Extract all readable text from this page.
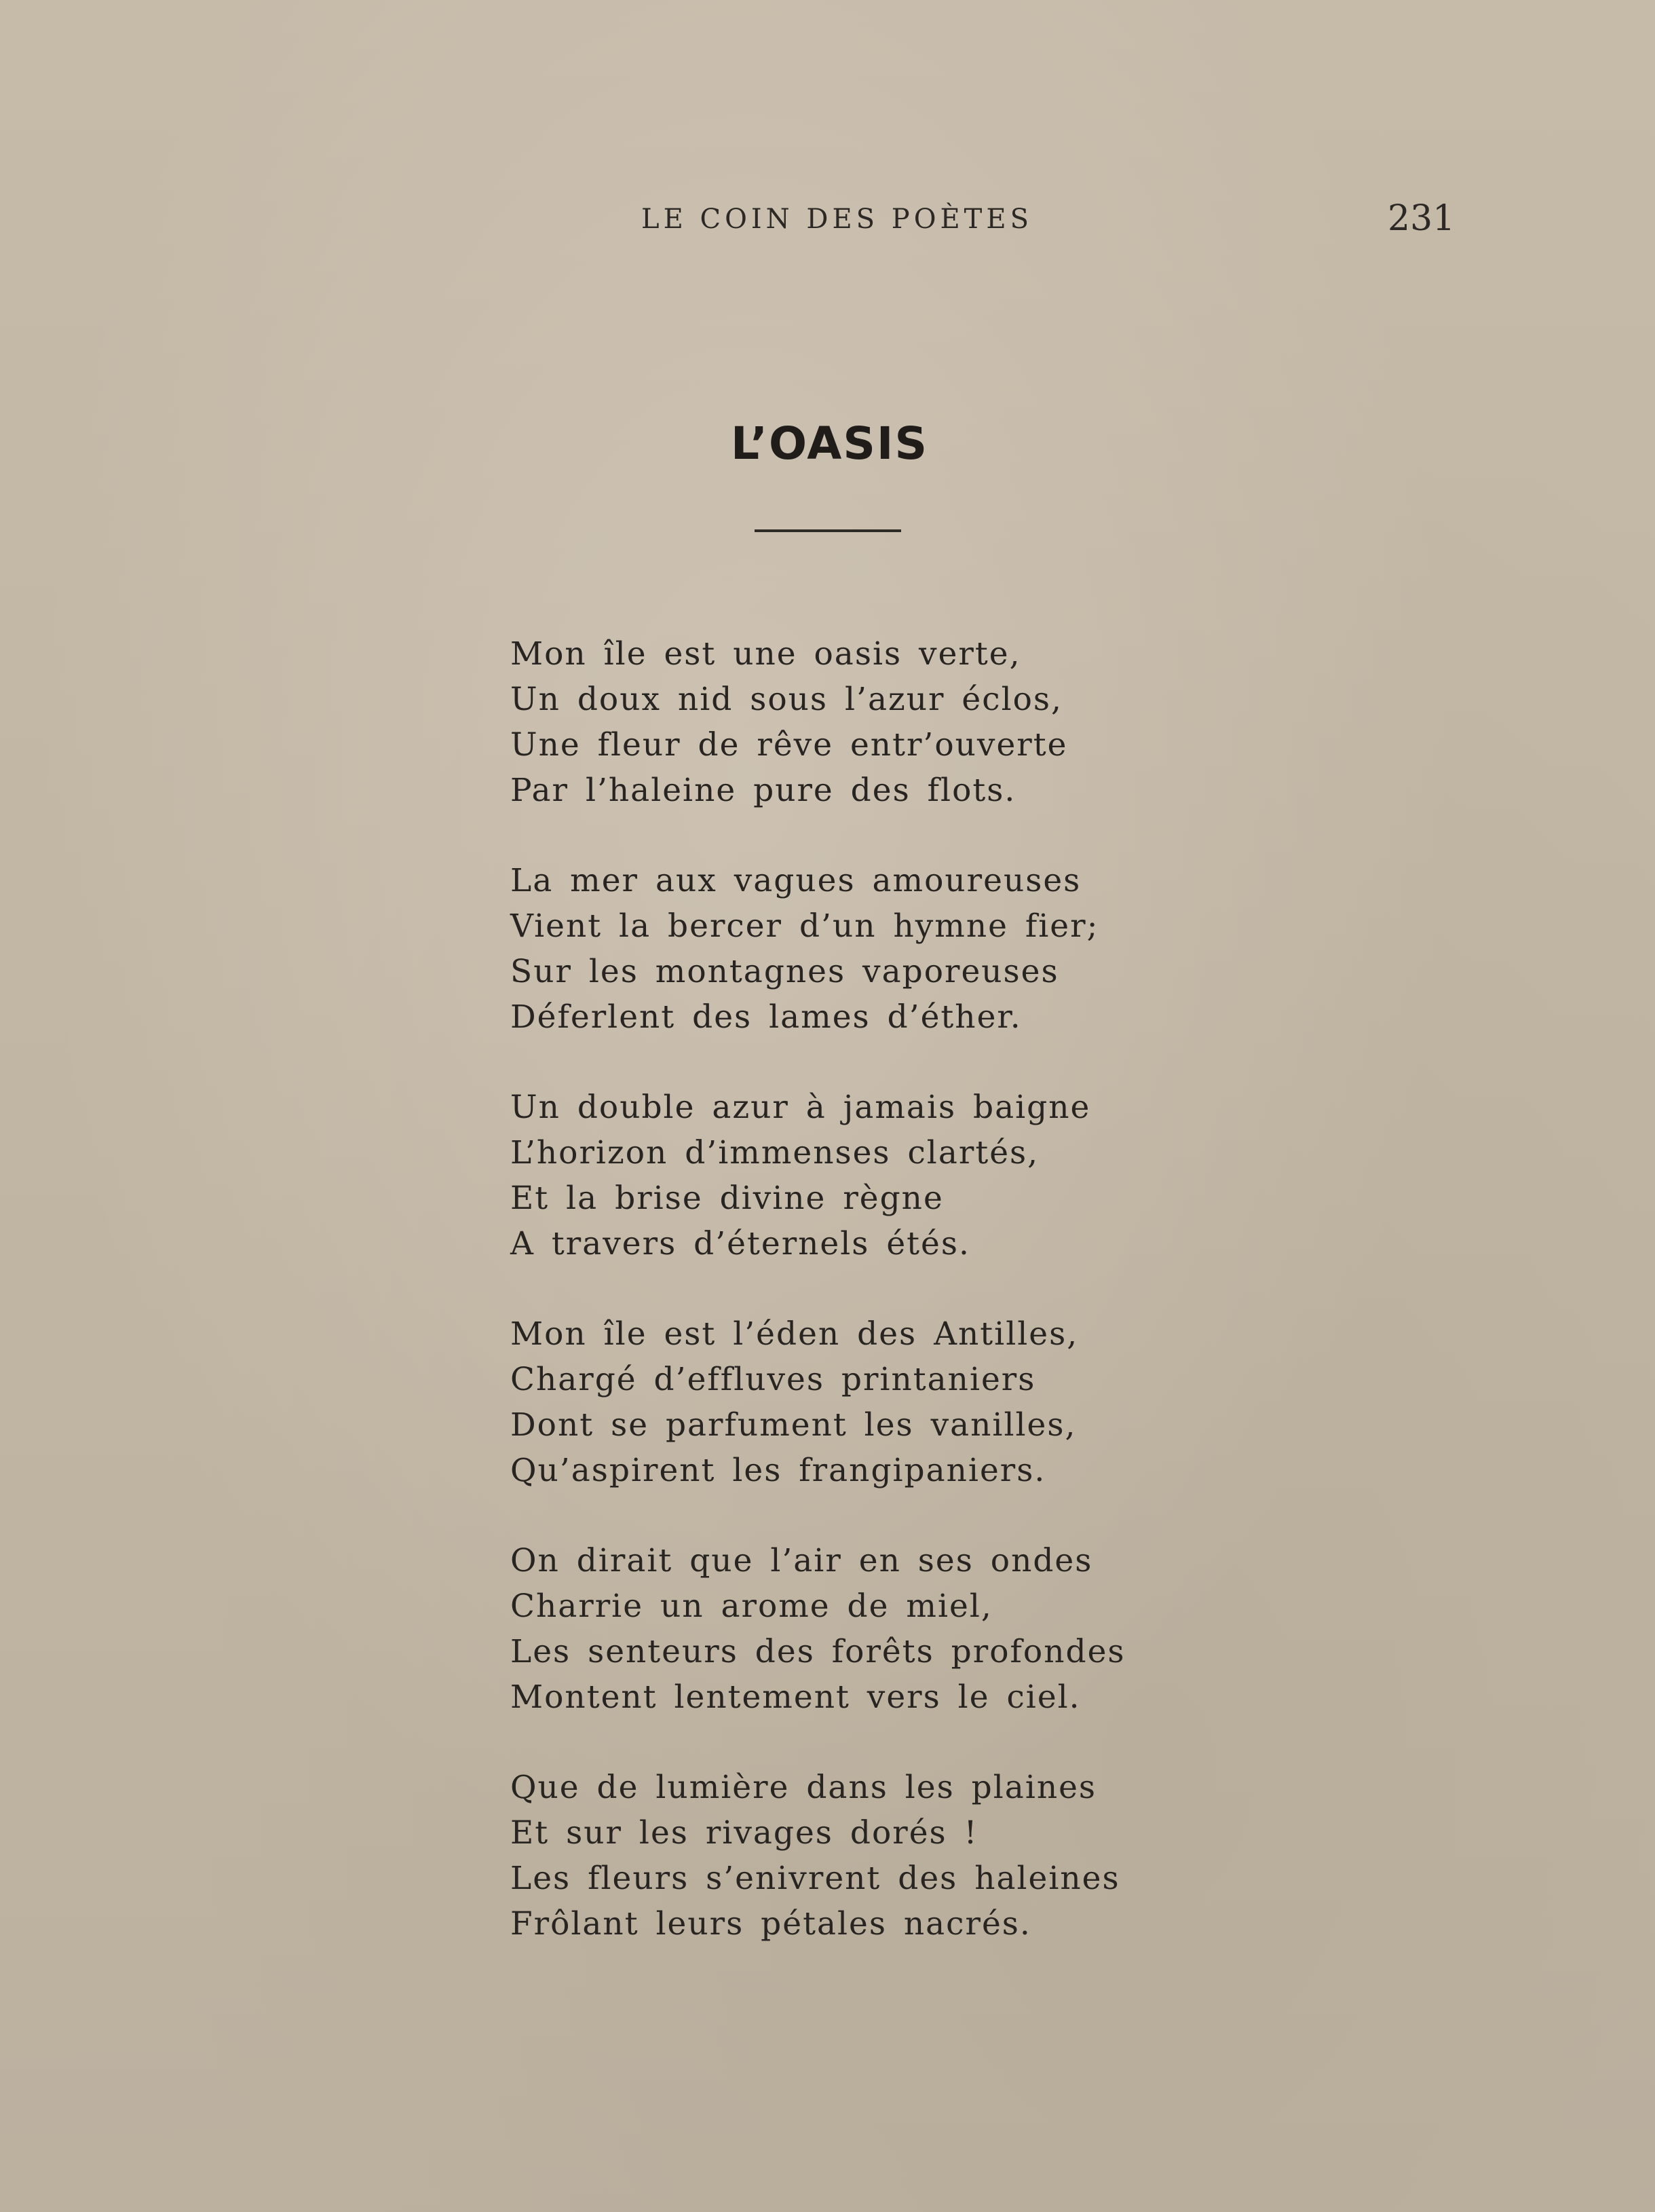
LE COIN DES POÈTES	231
L’OASIS
Mon île est une oasis verte,
Un doux nid sous l’azur éclos,
Une fleur de rêve entr’ouverte
Par l’haleine pure des flots.
La mer aux vagues amoureuses
Vient la bercer d’un hymne fier;
Sur les montagnes vaporeuses
Déferlent des lames d’éther.
Un double azur à jamais baigne
L’horizon d’immenses clartés,
Et la brise divine règne
A travers d’éternels étés.
Mon île est l’éden des Antilles,
Chargé d’effluves printaniers
Dont se parfument les vanilles,
Qu’aspirent les frangipaniers.
On dirait que l’air en ses ondes
Charrie un arome de miel,
Les senteurs des forêts profondes
Montent lentement vers le ciel.
Que de lumière dans les plaines
Et sur les rivages dorés !
Les fleurs s’enivrent des haleines
Frôlant leurs pétales nacrés.
